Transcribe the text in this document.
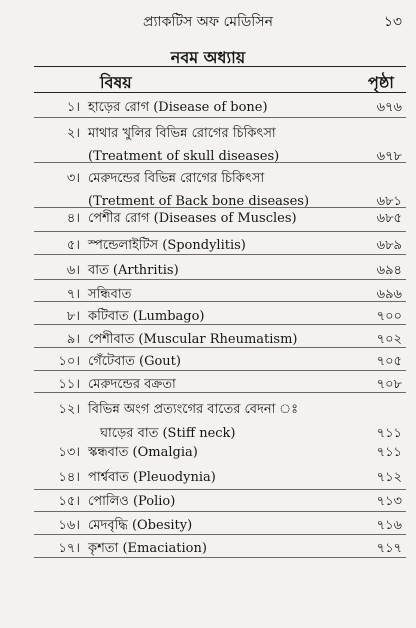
প্র্যাকটিস অফ মেডিসিন	১৩
নবম অধ্যায়
বিষয়	পৃষ্ঠা
১। হাড়ের রোগ (Disease of bone)	৬৭৬
২। মাথার খুলির বিভিন্ন রোগের চিকিৎসা
(Treatment of skull diseases)	৬৭৮
৩। মেরুদন্ডের বিভিন্ন রোগের চিকিৎসা
(Tretment of Back bone diseases)	৬৮১
৪। পেশীর রোগ (Diseases of Muscles)	৬৮৫
৫। স্পন্ডেলাইটিস (Spondylitis)	৬৮৯
৬। বাত (Arthritis)	৬৯৪
৭। সন্ধিবাত	৬৯৬
৮। কটিবাত (Lumbago)	৭০০
৯। পেশীবাত (Muscular Rheumatism)	৭০২
১০। গেঁটেবাত (Gout)	৭০৫
১১। মেরুদন্ডের বক্রতা	৭০৮
১২। বিভিন্ন অংগ প্রত্যংগের বাতের বেদনা ঃ
ঘাড়ের বাত (Stiff neck)	৭১১
১৩। স্কন্ধবাত (Omalgia)	৭১১
১৪। পার্শ্ববাত (Pleuodynia)	৭১২
১৫। পোলিও (Polio)	৭১৩
১৬। মেদবৃদ্ধি (Obesity)	৭১৬
১৭। কৃশতা (Emaciation)	৭১৭
